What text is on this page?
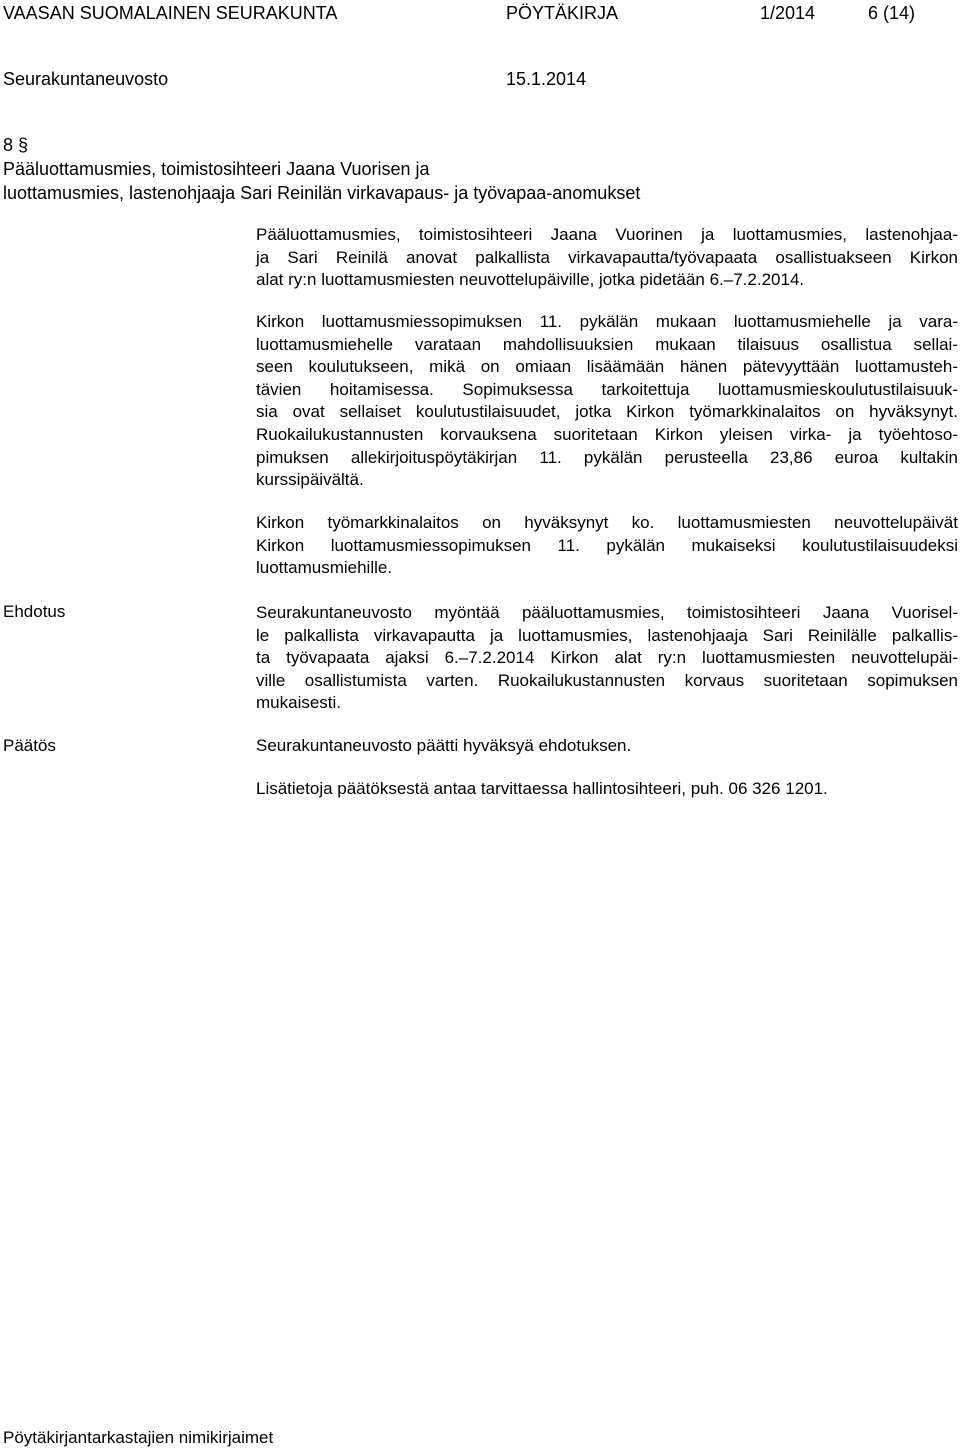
VAASAN SUOMALAINEN SEURAKUNTA	PÖYTÄKIRJA	1/2014	6 (14)
Seurakuntaneuvosto	15.1.2014
8 §
Pääluottamusmies, toimistosihteeri Jaana Vuorisen ja
luottamusmies, lastenohjaaja Sari Reinilän virkavapaus- ja työvapaa-anomukset
Pääluottamusmies, toimistosihteeri Jaana Vuorinen ja luottamusmies, lastenohjaa-
ja Sari Reinilä anovat palkallista virkavapautta/työvapaata osallistuakseen Kirkon
alat ry:n luottamusmiesten neuvottelupäiville, jotka pidetään 6.–7.2.2014.
Kirkon luottamusmiessopimuksen 11. pykälän mukaan luottamusmiehelle ja vara-
luottamusmiehelle varataan mahdollisuuksien mukaan tilaisuus osallistua sellai-
seen koulutukseen, mikä on omiaan lisäämään hänen pätevyyttään luottamusteh-
tävien hoitamisessa. Sopimuksessa tarkoitettuja luottamusmieskoulutustilaisuuk-
sia ovat sellaiset koulutustilaisuudet, jotka Kirkon työmarkkinalaitos on hyväksynyt.
Ruokailukustannusten korvauksena suoritetaan Kirkon yleisen virka- ja työehtoso-
pimuksen allekirjoituspöytäkirjan 11. pykälän perusteella 23,86 euroa kultakin
kurssipäivältä.
Kirkon työmarkkinalaitos on hyväksynyt ko. luottamusmiesten neuvottelupäivät
Kirkon luottamusmiessopimuksen 11. pykälän mukaiseksi koulutustilaisuudeksi
luottamusmiehille.
Ehdotus	Seurakuntaneuvosto myöntää pääluottamusmies, toimistosihteeri Jaana Vuorisel-
le palkallista virkavapautta ja luottamusmies, lastenohjaaja Sari Reinilälle palkallis-
ta työvapaata ajaksi 6.–7.2.2014 Kirkon alat ry:n luottamusmiesten neuvottelupäi-
ville osallistumista varten. Ruokailukustannusten korvaus suoritetaan sopimuksen
mukaisesti.
Päätös	Seurakuntaneuvosto päätti hyväksyä ehdotuksen.
Lisätietoja päätöksestä antaa tarvittaessa hallintosihteeri, puh. 06 326 1201.
Pöytäkirjantarkastajien nimikirjaimet
